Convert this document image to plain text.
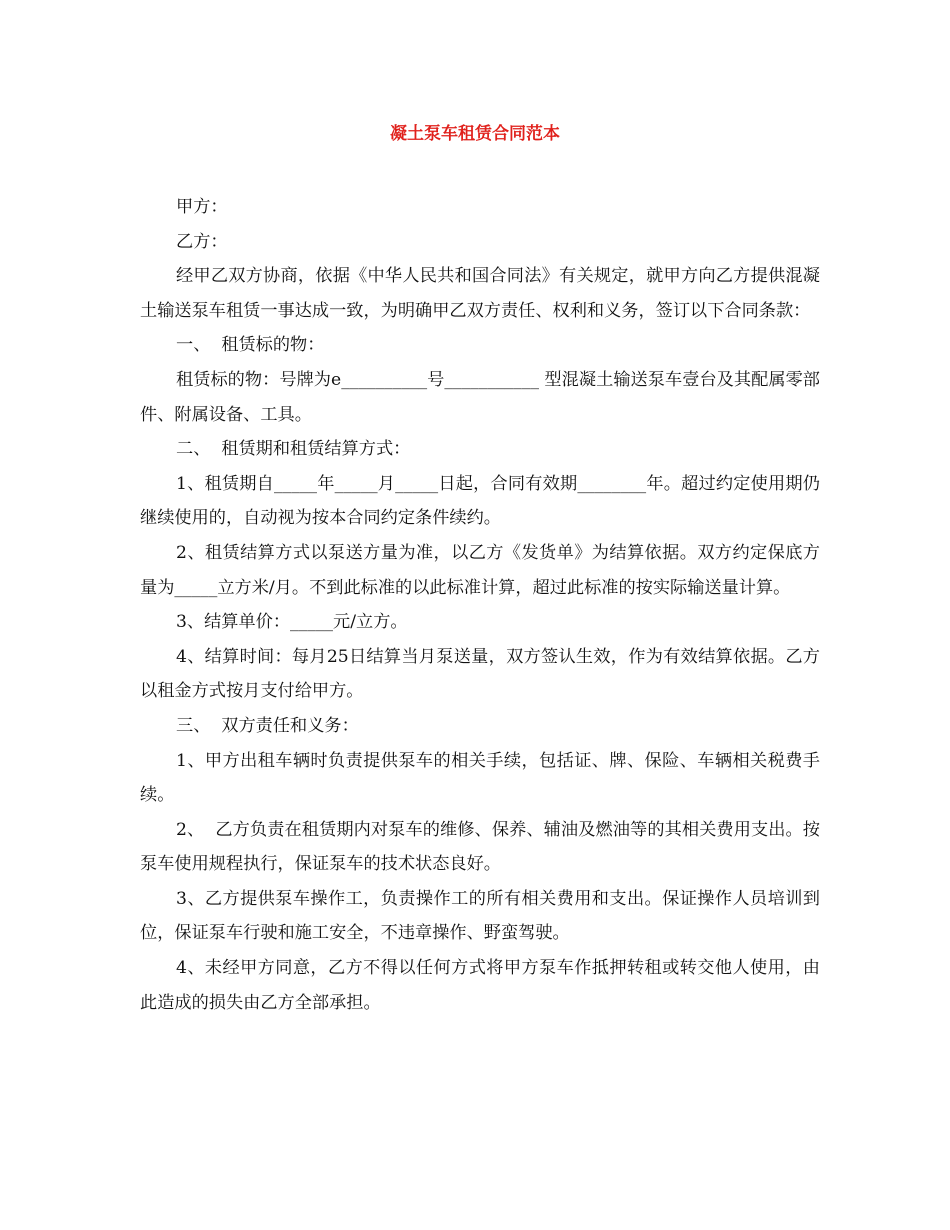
凝土泵车租赁合同范本

甲方：

乙方：

经甲乙双方协商，依据《中华人民共和国合同法》有关规定，就甲方向乙方提供混凝土输送泵车租赁一事达成一致，为明确甲乙双方责任、权利和义务，签订以下合同条款：

一、  租赁标的物：

租赁标的物：号牌为e__________号___________ 型混凝土输送泵车壹台及其配属零部件、附属设备、工具。

二、  租赁期和租赁结算方式：

1、租赁期自_____年_____月_____日起，合同有效期________年。超过约定使用期仍继续使用的，自动视为按本合同约定条件续约。

2、租赁结算方式以泵送方量为准，以乙方《发货单》为结算依据。双方约定保底方量为_____立方米/月。不到此标准的以此标准计算，超过此标准的按实际输送量计算。

3、结算单价：_____元/立方。

4、结算时间：每月25日结算当月泵送量，双方签认生效，作为有效结算依据。乙方以租金方式按月支付给甲方。

三、  双方责任和义务：

1、甲方出租车辆时负责提供泵车的相关手续，包括证、牌、保险、车辆相关税费手续。

2、  乙方负责在租赁期内对泵车的维修、保养、辅油及燃油等的其相关费用支出。按泵车使用规程执行，保证泵车的技术状态良好。

3、乙方提供泵车操作工，负责操作工的所有相关费用和支出。保证操作人员培训到位，保证泵车行驶和施工安全，不违章操作、野蛮驾驶。

4、未经甲方同意，乙方不得以任何方式将甲方泵车作抵押转租或转交他人使用，由此造成的损失由乙方全部承担。
